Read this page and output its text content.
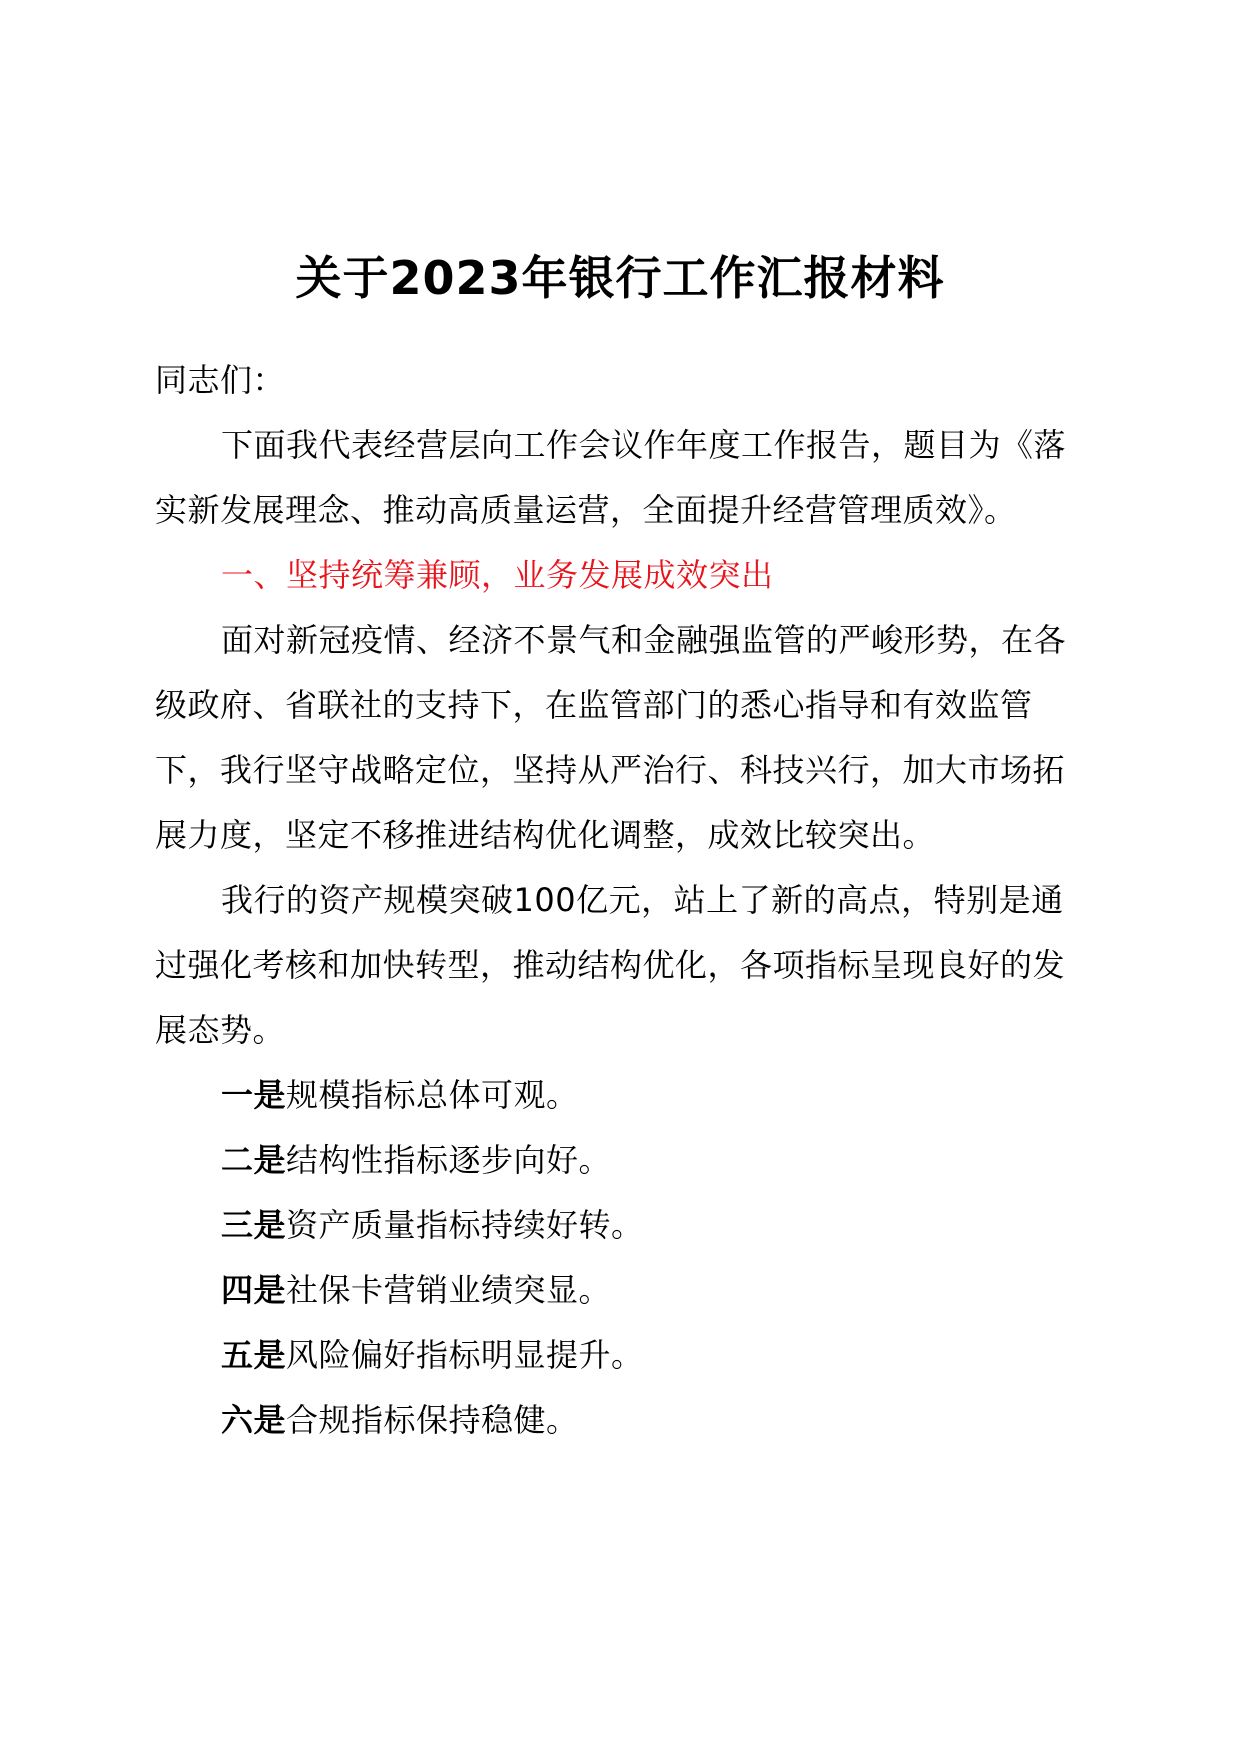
关于2023年银行工作汇报材料

同志们：

下面我代表经营层向工作会议作年度工作报告，题目为《落实新发展理念、推动高质量运营，全面提升经营管理质效》。

一、坚持统筹兼顾，业务发展成效突出

面对新冠疫情、经济不景气和金融强监管的严峻形势，在各级政府、省联社的支持下，在监管部门的悉心指导和有效监管下，我行坚守战略定位，坚持从严治行、科技兴行，加大市场拓展力度，坚定不移推进结构优化调整，成效比较突出。

我行的资产规模突破100亿元，站上了新的高点，特别是通过强化考核和加快转型，推动结构优化，各项指标呈现良好的发展态势。

一是规模指标总体可观。

二是结构性指标逐步向好。

三是资产质量指标持续好转。

四是社保卡营销业绩突显。

五是风险偏好指标明显提升。

六是合规指标保持稳健。
